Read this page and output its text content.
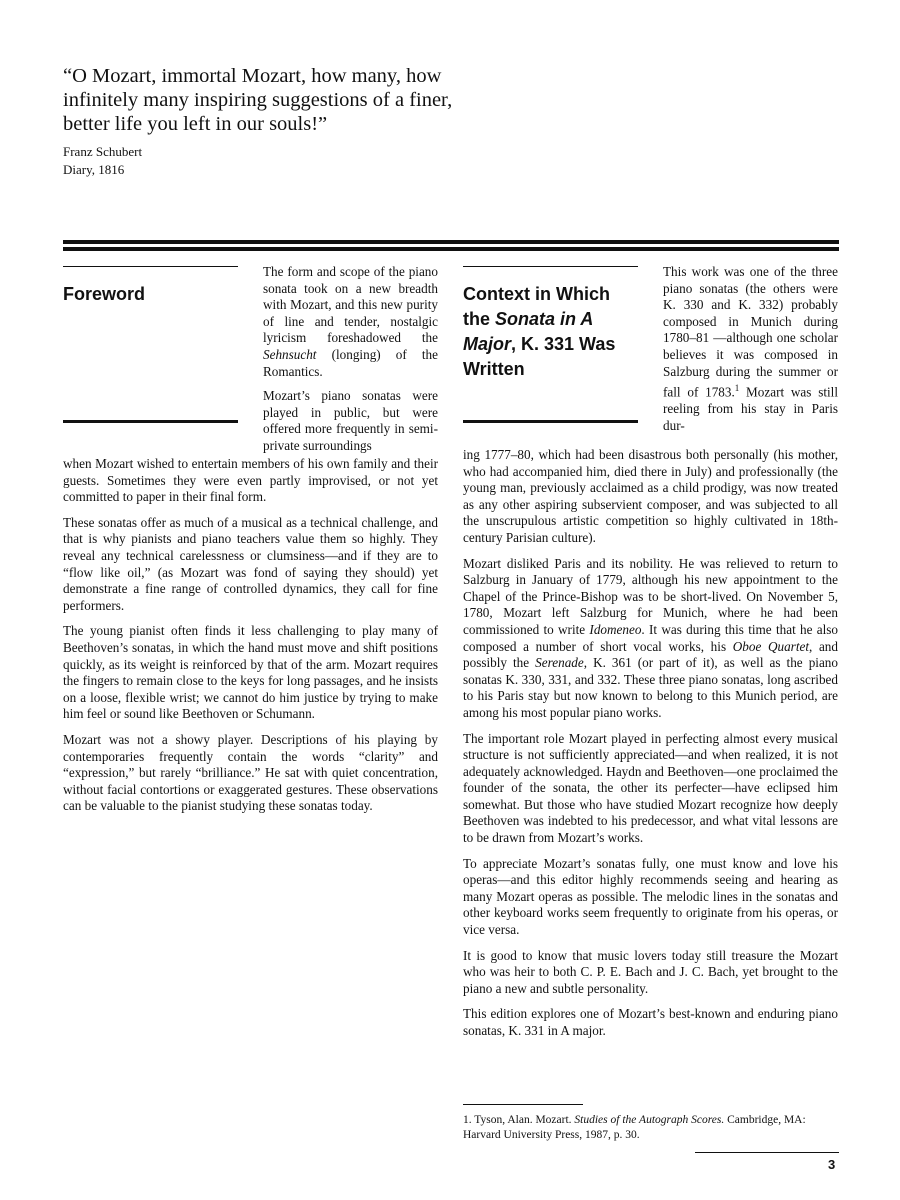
“O Mozart, immortal Mozart, how many, how infinitely many inspiring suggestions of a finer, better life you left in our souls!”
Franz Schubert
Diary, 1816
Foreword

The form and scope of the piano sonata took on a new breadth with Mozart, and this new purity of line and tender, nostalgic lyricism foreshadowed the Sehnsucht (longing) of the Romantics.

Mozart’s piano sonatas were played in public, but were offered more frequently in semi-private surroundings

when Mozart wished to entertain members of his own family and their guests. Sometimes they were even partly improvised, or not yet committed to paper in their final form.

These sonatas offer as much of a musical as a technical challenge, and that is why pianists and piano teachers value them so highly. They reveal any technical carelessness or clumsiness—and if they are to “flow like oil,” (as Mozart was fond of saying they should) yet demonstrate a fine range of controlled dynamics, they call for fine performers.

The young pianist often finds it less challenging to play many of Beethoven’s sonatas, in which the hand must move and shift positions quickly, as its weight is reinforced by that of the arm. Mozart requires the fingers to remain close to the keys for long passages, and he insists on a loose, flexible wrist; we cannot do him justice by trying to make him feel or sound like Beethoven or Schumann.

Mozart was not a showy player. Descriptions of his playing by contemporaries frequently contain the words “clarity” and “expression,” but rarely “brilliance.” He sat with quiet concentration, without facial contortions or exaggerated gestures. These observations can be valuable to the pianist studying these sonatas today.

Context in Which
the Sonata in A
Major, K. 331 Was
Written

This work was one of the three piano sonatas (the others were K. 330 and K. 332) probably composed in Munich during 1780–81 —although one scholar believes it was composed in Salzburg during the summer or fall of 1783.$^1$ Mozart was still reeling from his stay in Paris dur-

ing 1777–80, which had been disastrous both personally (his mother, who had accompanied him, died there in July) and professionally (the young man, previously acclaimed as a child prodigy, was now treated as any other aspiring subservient composer, and was subjected to all the unscrupulous artistic competition so highly cultivated in 18th-century Parisian culture).

Mozart disliked Paris and its nobility. He was relieved to return to Salzburg in January of 1779, although his new appointment to the Chapel of the Prince-Bishop was to be short-lived. On November 5, 1780, Mozart left Salzburg for Munich, where he had been commissioned to write Idomeneo. It was during this time that he also composed a number of short vocal works, his Oboe Quartet, and possibly the Serenade, K. 361 (or part of it), as well as the piano sonatas K. 330, 331, and 332. These three piano sonatas, long ascribed to his Paris stay but now known to belong to this Munich period, are among his most popular piano works.

The important role Mozart played in perfecting almost every musical structure is not sufficiently appreciated—and when realized, it is not adequately acknowledged. Haydn and Beethoven—one proclaimed the founder of the sonata, the other its perfecter—have eclipsed him somewhat. But those who have studied Mozart recognize how deeply Beethoven was indebted to his predecessor, and what vital lessons are to be drawn from Mozart’s works.

To appreciate Mozart’s sonatas fully, one must know and love his operas—and this editor highly recommends seeing and hearing as many Mozart operas as possible. The melodic lines in the sonatas and other keyboard works seem frequently to originate from his operas, or vice versa.

It is good to know that music lovers today still treasure the Mozart who was heir to both C. P. E. Bach and J. C. Bach, yet brought to the piano a new and subtle personality.

This edition explores one of Mozart’s best-known and enduring piano sonatas, K. 331 in A major.

1. Tyson, Alan. Mozart. Studies of the Autograph Scores. Cambridge, MA: Harvard University Press, 1987, p. 30.
3
